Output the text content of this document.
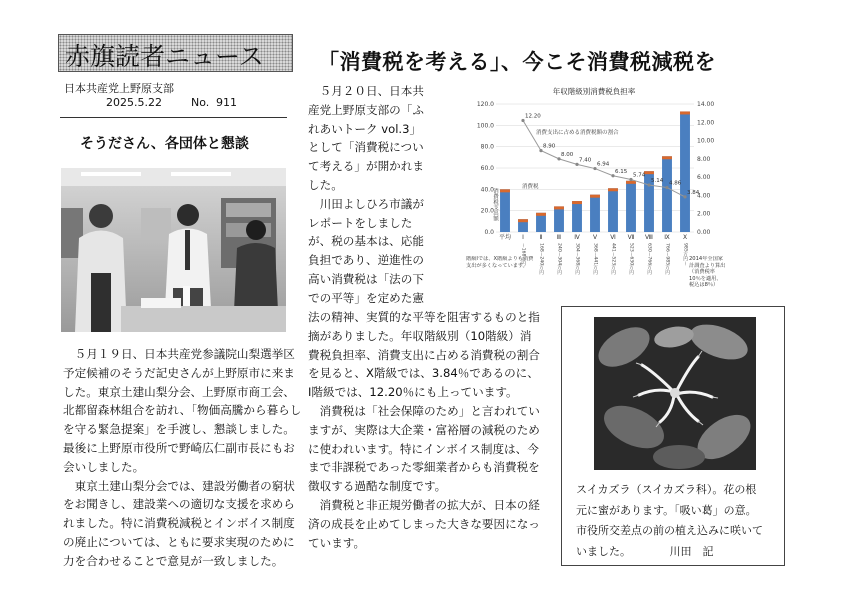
赤旗読者ニュース
日本共産党上野原支部
2025.5.22	No. 911
そうださん、各団体と懇談
　５月１９日、日本共産党参議院山梨選挙区
予定候補のそうだ記史さんが上野原市に来ま
した。東京土建山梨分会、上野原市商工会、
北都留森林組合を訪れ、「物価高騰から暮らし
を守る緊急提案」を手渡し、懇談しました。
最後に上野原市役所で野崎広仁副市長にもお
会いしました。
　東京土建山梨分会では、建設労働者の窮状
をお聞きし、建設業への適切な支援を求めら
れました。特に消費税減税とインボイス制度
の廃止については、ともに要求実現のために
力を合わせることで意見が一致しました。
「消費税を考える」、今こそ消費税減税を
　５月２０日、日本共
産党上野原支部の「ふ
れあいトーク vol.3」
として「消費税につい
て考える」が開かれま
した。
　川田よしひろ市議が
レポートをしました
が、税の基本は、応能
負担であり、逆進性の
高い消費税は「法の下
での平等」を定めた憲
法の精神、実質的な平等を阻害するものと指
摘がありました。年収階級別（10階級）消
費税負担率、消費支出に占める消費税の割合
を見ると、Ⅹ階級では、3.84％であるのに、
Ⅰ階級では、12.20％にも上っています。
　消費税は「社会保障のため」と言われてい
ますが、実際は大企業・富裕層の減税のため
に使われいます。特にインボイス制度は、今
まで非課税であった零細業者からも消費税を
徴収する過酷な制度です。
　消費税と非正規労働者の拡大が、日本の経
済の成長を止めてしまった大きな要因になっ
ています。
年収階級別消費税負担率
120.0
100.0
80.0
60.0
40.0
20.0
0.0
14.00
12.00
10.00
8.00
6.00
4.00
2.00
0.00
12.20
8.90
8.00
7.40
6.94
6.15
5.74
5.14 4.86
3.84
平均 Ⅰ
～168万円
Ⅱ
168～240万円
Ⅲ
240～304万円
Ⅳ
304～368万円
Ⅴ
368～441万円
Ⅵ
441～523万円
Ⅶ
523～630万円
Ⅷ
630～766万円
Ⅸ
766～985万円
Ⅹ
985万円～
消費税
消費支出に占める消費税額の割合
消費税支出額
階級Ⅰでは、Ⅹ階級よりも消費支出が多くなっています。
2014年全国家計調査より算出（消費税率10％を適用、税込は8％）
スイカズラ（スイカズラ科）。花の根
元に蜜があります。「吸い葛」の意。
市役所交差点の前の植え込みに咲いて
いました。　　　　川田　記
